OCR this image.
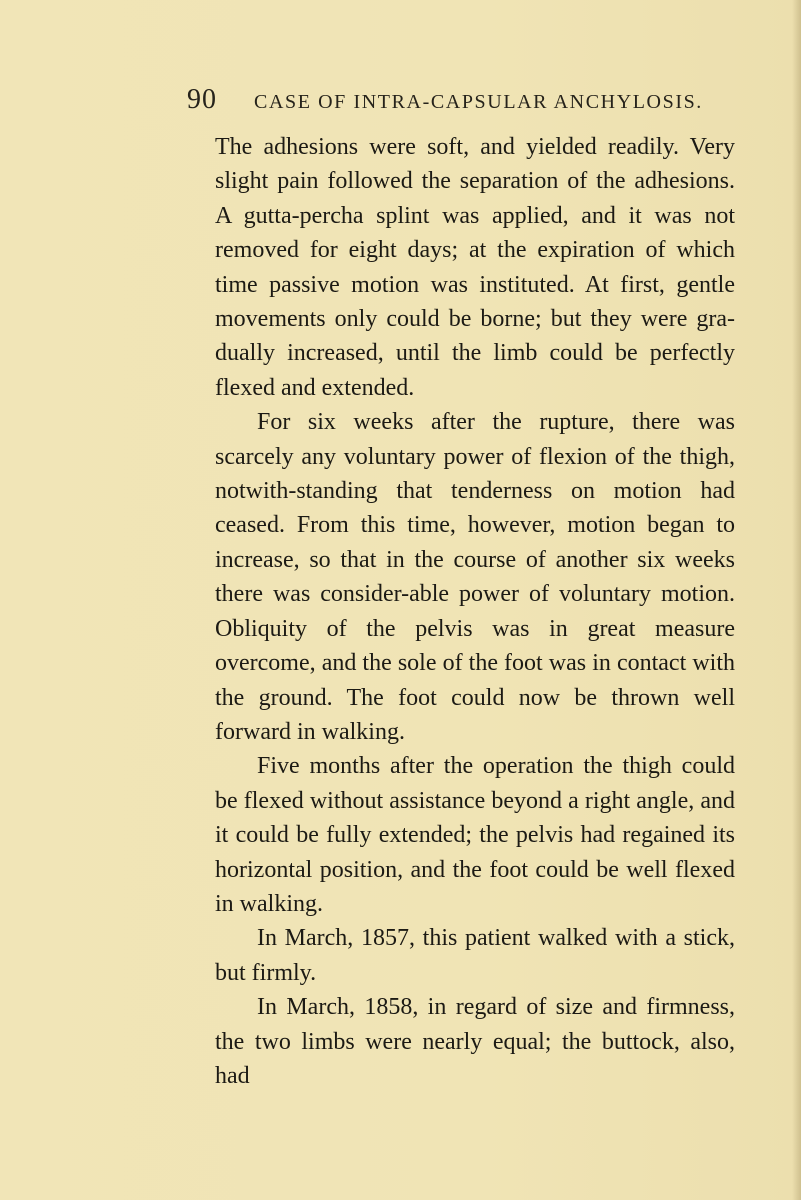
90 CASE OF INTRA-CAPSULAR ANCHYLOSIS.

The adhesions were soft, and yielded readily. Very slight pain followed the separation of the adhesions. A gutta-percha splint was applied, and it was not removed for eight days; at the expiration of which time passive motion was instituted. At first, gentle movements only could be borne; but they were gra-dually increased, until the limb could be perfectly flexed and extended.

For six weeks after the rupture, there was scarcely any voluntary power of flexion of the thigh, notwith-standing that tenderness on motion had ceased. From this time, however, motion began to increase, so that in the course of another six weeks there was consider-able power of voluntary motion. Obliquity of the pelvis was in great measure overcome, and the sole of the foot was in contact with the ground. The foot could now be thrown well forward in walking.

Five months after the operation the thigh could be flexed without assistance beyond a right angle, and it could be fully extended; the pelvis had regained its horizontal position, and the foot could be well flexed in walking.

In March, 1857, this patient walked with a stick, but firmly.

In March, 1858, in regard of size and firmness, the two limbs were nearly equal; the buttock, also, had
